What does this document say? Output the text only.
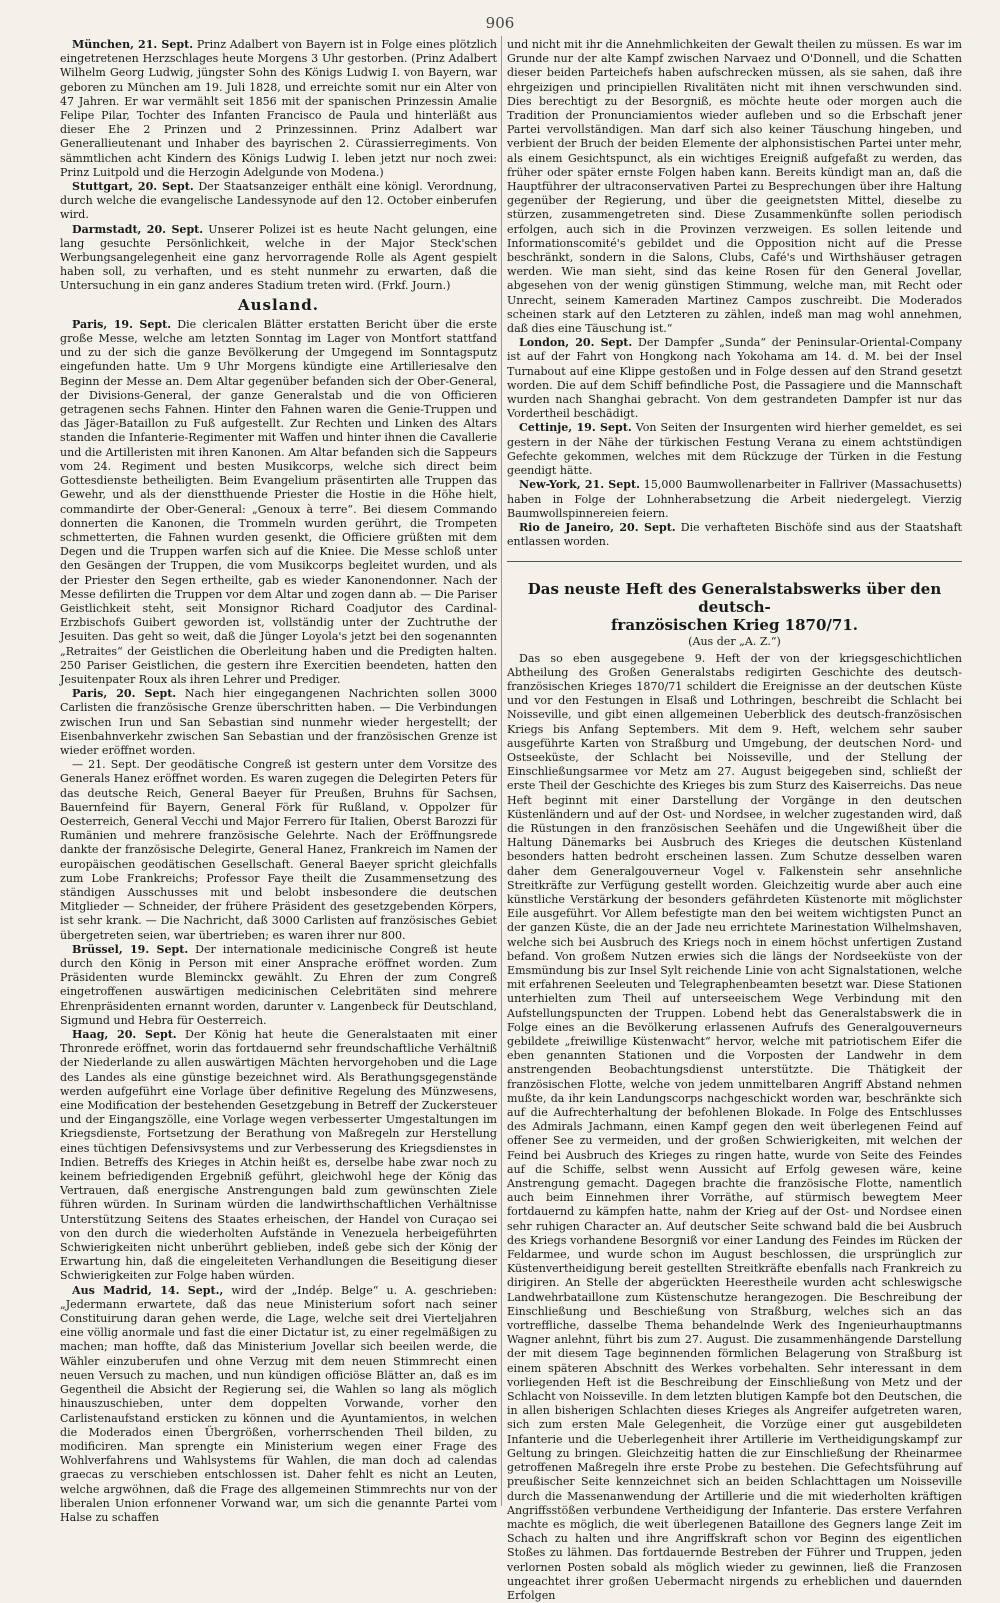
906

München, 21. Sept. Prinz Adalbert von Bayern ist in Folge eines plötzlich eingetretenen Herzschlages heute Morgens 3 Uhr gestorben. (Prinz Adalbert Wilhelm Georg Ludwig, jüngster Sohn des Königs Ludwig I. von Bayern, war geboren zu München am 19. Juli 1828, und erreichte somit nur ein Alter von 47 Jahren. Er war vermählt seit 1856 mit der spanischen Prinzessin Amalie Felipe Pilar, Tochter des Infanten Francisco de Paula und hinterläßt aus dieser Ehe 2 Prinzen und 2 Prinzessinnen. Prinz Adalbert war Generallieutenant und Inhaber des bayrischen 2. Cürassierregiments. Von sämmtlichen acht Kindern des Königs Ludwig I. leben jetzt nur noch zwei: Prinz Luitpold und die Herzogin Adelgunde von Modena.)

Stuttgart, 20. Sept. Der Staatsanzeiger enthält eine königl. Verordnung, durch welche die evangelische Landessynode auf den 12. October einberufen wird.

Darmstadt, 20. Sept. Unserer Polizei ist es heute Nacht gelungen, eine lang gesuchte Persönlichkeit, welche in der Major Steck'schen Werbungsangelegenheit eine ganz hervorragende Rolle als Agent gespielt haben soll, zu verhaften, und es steht nunmehr zu erwarten, daß die Untersuchung in ein ganz anderes Stadium treten wird. (Frkf. Journ.)

Ausland.

Paris, 19. Sept. Die clericalen Blätter erstatten Bericht über die erste große Messe, welche am letzten Sonntag im Lager von Montfort stattfand und zu der sich die ganze Bevölkerung der Umgegend im Sonntagsputz eingefunden hatte. Um 9 Uhr Morgens kündigte eine Artilleriesalve den Beginn der Messe an. Dem Altar gegenüber befanden sich der Ober-General, der Divisions-General, der ganze Generalstab und die von Officieren getragenen sechs Fahnen. Hinter den Fahnen waren die Genie-Truppen und das Jäger-Bataillon zu Fuß aufgestellt. Zur Rechten und Linken des Altars standen die Infanterie-Regimenter mit Waffen und hinter ihnen die Cavallerie und die Artilleristen mit ihren Kanonen. Am Altar befanden sich die Sappeurs vom 24. Regiment und besten Musikcorps, welche sich direct beim Gottesdienste betheiligten. Beim Evangelium präsentirten alle Truppen das Gewehr, und als der dienstthuende Priester die Hostie in die Höhe hielt, commandirte der Ober-General: „Genoux à terre“. Bei diesem Commando donnerten die Kanonen, die Trommeln wurden gerührt, die Trompeten schmetterten, die Fahnen wurden gesenkt, die Officiere grüßten mit dem Degen und die Truppen warfen sich auf die Kniee. Die Messe schloß unter den Gesängen der Truppen, die vom Musikcorps begleitet wurden, und als der Priester den Segen ertheilte, gab es wieder Kanonendonner. Nach der Messe defilirten die Truppen vor dem Altar und zogen dann ab. — Die Pariser Geistlichkeit steht, seit Monsignor Richard Coadjutor des Cardinal-Erzbischofs Guibert geworden ist, vollständig unter der Zuchtruthe der Jesuiten. Das geht so weit, daß die Jünger Loyola's jetzt bei den sogenannten „Retraites“ der Geistlichen die Oberleitung haben und die Predigten halten. 250 Pariser Geistlichen, die gestern ihre Exercitien beendeten, hatten den Jesuitenpater Roux als ihren Lehrer und Prediger.

Paris, 20. Sept. Nach hier eingegangenen Nachrichten sollen 3000 Carlisten die französische Grenze überschritten haben. — Die Verbindungen zwischen Irun und San Sebastian sind nunmehr wieder hergestellt; der Eisenbahnverkehr zwischen San Sebastian und der französischen Grenze ist wieder eröffnet worden.

— 21. Sept. Der geodätische Congreß ist gestern unter dem Vorsitze des Generals Hanez eröffnet worden. Es waren zugegen die Delegirten Peters für das deutsche Reich, General Baeyer für Preußen, Bruhns für Sachsen, Bauernfeind für Bayern, General Förk für Rußland, v. Oppolzer für Oesterreich, General Vecchi und Major Ferrero für Italien, Oberst Barozzi für Rumänien und mehrere französische Gelehrte. Nach der Eröffnungsrede dankte der französische Delegirte, General Hanez, Frankreich im Namen der europäischen geodätischen Gesellschaft. General Baeyer spricht gleichfalls zum Lobe Frankreichs; Professor Faye theilt die Zusammensetzung des ständigen Ausschusses mit und belobt insbesondere die deutschen Mitglieder — Schneider, der frühere Präsident des gesetzgebenden Körpers, ist sehr krank. — Die Nachricht, daß 3000 Carlisten auf französisches Gebiet übergetreten seien, war übertrieben; es waren ihrer nur 800.

Brüssel, 19. Sept. Der internationale medicinische Congreß ist heute durch den König in Person mit einer Ansprache eröffnet worden. Zum Präsidenten wurde Bleminckx gewählt. Zu Ehren der zum Congreß eingetroffenen auswärtigen medicinischen Celebritäten sind mehrere Ehrenpräsidenten ernannt worden, darunter v. Langenbeck für Deutschland, Sigmund und Hebra für Oesterreich.

Haag, 20. Sept. Der König hat heute die Generalstaaten mit einer Thronrede eröffnet, worin das fortdauernd sehr freundschaftliche Verhältniß der Niederlande zu allen auswärtigen Mächten hervorgehoben und die Lage des Landes als eine günstige bezeichnet wird. Als Berathungsgegenstände werden aufgeführt eine Vorlage über definitive Regelung des Münzwesens, eine Modification der bestehenden Gesetzgebung in Betreff der Zuckersteuer und der Eingangszölle, eine Vorlage wegen verbesserter Umgestaltungen im Kriegsdienste, Fortsetzung der Berathung von Maßregeln zur Herstellung eines tüchtigen Defensivsystems und zur Verbesserung des Kriegsdienstes in Indien. Betreffs des Krieges in Atchin heißt es, derselbe habe zwar noch zu keinem befriedigenden Ergebniß geführt, gleichwohl hege der König das Vertrauen, daß energische Anstrengungen bald zum gewünschten Ziele führen würden. In Surinam würden die landwirthschaftlichen Verhältnisse Unterstützung Seitens des Staates erheischen, der Handel von Curaçao sei von den durch die wiederholten Aufstände in Venezuela herbeigeführten Schwierigkeiten nicht unberührt geblieben, indeß gebe sich der König der Erwartung hin, daß die eingeleiteten Verhandlungen die Beseitigung dieser Schwierigkeiten zur Folge haben würden.

Aus Madrid, 14. Sept., wird der „Indép. Belge“ u. A. geschrieben: „Jedermann erwartete, daß das neue Ministerium sofort nach seiner Constituirung daran gehen werde, die Lage, welche seit drei Vierteljahren eine völlig anormale und fast die einer Dictatur ist, zu einer regelmäßigen zu machen; man hoffte, daß das Ministerium Jovellar sich beeilen werde, die Wähler einzuberufen und ohne Verzug mit dem neuen Stimmrecht einen neuen Versuch zu machen, und nun kündigen officiöse Blätter an, daß es im Gegentheil die Absicht der Regierung sei, die Wahlen so lang als möglich hinauszuschieben, unter dem doppelten Vorwande, vorher den Carlistenaufstand ersticken zu können und die Ayuntamientos, in welchen die Moderados einen Übergrößen, vorherrschenden Theil bilden, zu modificiren. Man sprengte ein Ministerium wegen einer Frage des Wohlverfahrens und Wahlsystems für Wahlen, die man doch ad calendas graecas zu verschieben entschlossen ist. Daher fehlt es nicht an Leuten, welche argwöhnen, daß die Frage des allgemeinen Stimmrechts nur von der liberalen Union erfonnener Vorwand war, um sich die genannte Partei vom Halse zu schaffen

und nicht mit ihr die Annehmlichkeiten der Gewalt theilen zu müssen. Es war im Grunde nur der alte Kampf zwischen Narvaez und O'Donnell, und die Schatten dieser beiden Parteichefs haben aufschrecken müssen, als sie sahen, daß ihre ehrgeizigen und principiellen Rivalitäten nicht mit ihnen verschwunden sind. Dies berechtigt zu der Besorgniß, es möchte heute oder morgen auch die Tradition der Pronunciamientos wieder aufleben und so die Erbschaft jener Partei vervollständigen. Man darf sich also keiner Täuschung hingeben, und verbient der Bruch der beiden Elemente der alphonsistischen Partei unter mehr, als einem Gesichtspunct, als ein wichtiges Ereigniß aufgefaßt zu werden, das früher oder später ernste Folgen haben kann. Bereits kündigt man an, daß die Hauptführer der ultraconservativen Partei zu Besprechungen über ihre Haltung gegenüber der Regierung, und über die geeignetsten Mittel, dieselbe zu stürzen, zusammengetreten sind. Diese Zusammenkünfte sollen periodisch erfolgen, auch sich in die Provinzen verzweigen. Es sollen leitende und Informationscomité's gebildet und die Opposition nicht auf die Presse beschränkt, sondern in die Salons, Clubs, Café's und Wirthshäuser getragen werden. Wie man sieht, sind das keine Rosen für den General Jovellar, abgesehen von der wenig günstigen Stimmung, welche man, mit Recht oder Unrecht, seinem Kameraden Martinez Campos zuschreibt. Die Moderados scheinen stark auf den Letzteren zu zählen, indeß man mag wohl annehmen, daß dies eine Täuschung ist.“

London, 20. Sept. Der Dampfer „Sunda“ der Peninsular-Oriental-Company ist auf der Fahrt von Hongkong nach Yokohama am 14. d. M. bei der Insel Turnabout auf eine Klippe gestoßen und in Folge dessen auf den Strand gesetzt worden. Die auf dem Schiff befindliche Post, die Passagiere und die Mannschaft wurden nach Shanghai gebracht. Von dem gestrandeten Dampfer ist nur das Vordertheil beschädigt.

Cettinje, 19. Sept. Von Seiten der Insurgenten wird hierher gemeldet, es sei gestern in der Nähe der türkischen Festung Verana zu einem achtstündigen Gefechte gekommen, welches mit dem Rückzuge der Türken in die Festung geendigt hätte.

New-York, 21. Sept. 15,000 Baumwollenarbeiter in Fallriver (Massachusetts) haben in Folge der Lohnherabsetzung die Arbeit niedergelegt. Vierzig Baumwollspinnereien feiern.

Rio de Janeiro, 20. Sept. Die verhafteten Bischöfe sind aus der Staatshaft entlassen worden.

Das neuste Heft des Generalstabswerks über den deutsch-
französischen Krieg 1870/71.
(Aus der „A. Z.“)

Das so eben ausgegebene 9. Heft der von der kriegsgeschichtlichen Abtheilung des Großen Generalstabs redigirten Geschichte des deutsch-französischen Krieges 1870/71 schildert die Ereignisse an der deutschen Küste und vor den Festungen in Elsaß und Lothringen, beschreibt die Schlacht bei Noisseville, und gibt einen allgemeinen Ueberblick des deutsch-französischen Kriegs bis Anfang Septembers. Mit dem 9. Heft, welchem sehr sauber ausgeführte Karten von Straßburg und Umgebung, der deutschen Nord- und Ostseeküste, der Schlacht bei Noisseville, und der Stellung der Einschließungsarmee vor Metz am 27. August beigegeben sind, schließt der erste Theil der Geschichte des Krieges bis zum Sturz des Kaiserreichs. Das neue Heft beginnt mit einer Darstellung der Vorgänge in den deutschen Küstenländern und auf der Ost- und Nordsee, in welcher zugestanden wird, daß die Rüstungen in den französischen Seehäfen und die Ungewißheit über die Haltung Dänemarks bei Ausbruch des Krieges die deutschen Küstenland besonders hatten bedroht erscheinen lassen. Zum Schutze desselben waren daher dem Generalgouverneur Vogel v. Falkenstein sehr ansehnliche Streitkräfte zur Verfügung gestellt worden. Gleichzeitig wurde aber auch eine künstliche Verstärkung der besonders gefährdeten Küstenorte mit möglichster Eile ausgeführt. Vor Allem befestigte man den bei weitem wichtigsten Punct an der ganzen Küste, die an der Jade neu errichtete Marinestation Wilhelmshaven, welche sich bei Ausbruch des Kriegs noch in einem höchst unfertigen Zustand befand. Von großem Nutzen erwies sich die längs der Nordseeküste von der Emsmündung bis zur Insel Sylt reichende Linie von acht Signalstationen, welche mit erfahrenen Seeleuten und Telegraphenbeamten besetzt war. Diese Stationen unterhielten zum Theil auf unterseeischem Wege Verbindung mit den Aufstellungspuncten der Truppen. Lobend hebt das Generalstabswerk die in Folge eines an die Bevölkerung erlassenen Aufrufs des Generalgouverneurs gebildete „freiwillige Küstenwacht“ hervor, welche mit patriotischem Eifer die eben genannten Stationen und die Vorposten der Landwehr in dem anstrengenden Beobachtungsdienst unterstützte. Die Thätigkeit der französischen Flotte, welche von jedem unmittelbaren Angriff Abstand nehmen mußte, da ihr kein Landungscorps nachgeschickt worden war, beschränkte sich auf die Aufrechterhaltung der befohlenen Blokade. In Folge des Entschlusses des Admirals Jachmann, einen Kampf gegen den weit überlegenen Feind auf offener See zu vermeiden, und der großen Schwierigkeiten, mit welchen der Feind bei Ausbruch des Krieges zu ringen hatte, wurde von Seite des Feindes auf die Schiffe, selbst wenn Aussicht auf Erfolg gewesen wäre, keine Anstrengung gemacht. Dagegen brachte die französische Flotte, namentlich auch beim Einnehmen ihrer Vorräthe, auf stürmisch bewegtem Meer fortdauernd zu kämpfen hatte, nahm der Krieg auf der Ost- und Nordsee einen sehr ruhigen Character an. Auf deutscher Seite schwand bald die bei Ausbruch des Kriegs vorhandene Besorgniß vor einer Landung des Feindes im Rücken der Feldarmee, und wurde schon im August beschlossen, die ursprünglich zur Küstenvertheidigung bereit gestellten Streitkräfte ebenfalls nach Frankreich zu dirigiren. An Stelle der abgerückten Heerestheile wurden acht schleswigsche Landwehrbataillone zum Küstenschutze herangezogen. Die Beschreibung der Einschließung und Beschießung von Straßburg, welches sich an das vortreffliche, dasselbe Thema behandelnde Werk des Ingenieurhauptmanns Wagner anlehnt, führt bis zum 27. August. Die zusammenhängende Darstellung der mit diesem Tage beginnenden förmlichen Belagerung von Straßburg ist einem späteren Abschnitt des Werkes vorbehalten. Sehr interessant in dem vorliegenden Heft ist die Beschreibung der Einschließung von Metz und der Schlacht von Noisseville. In dem letzten blutigen Kampfe bot den Deutschen, die in allen bisherigen Schlachten dieses Krieges als Angreifer aufgetreten waren, sich zum ersten Male Gelegenheit, die Vorzüge einer gut ausgebildeten Infanterie und die Ueberlegenheit ihrer Artillerie im Vertheidigungskampf zur Geltung zu bringen. Gleichzeitig hatten die zur Einschließung der Rheinarmee getroffenen Maßregeln ihre erste Probe zu bestehen. Die Gefechtsführung auf preußischer Seite kennzeichnet sich an beiden Schlachttagen um Noisseville durch die Massenanwendung der Artillerie und die mit wiederholten kräftigen Angriffsstößen verbundene Vertheidigung der Infanterie. Das erstere Verfahren machte es möglich, die weit überlegenen Bataillone des Gegners lange Zeit im Schach zu halten und ihre Angriffskraft schon vor Beginn des eigentlichen Stoßes zu lähmen. Das fortdauernde Bestreben der Führer und Truppen, jeden verlornen Posten sobald als möglich wieder zu gewinnen, ließ die Franzosen ungeachtet ihrer großen Uebermacht nirgends zu erheblichen und dauernden Erfolgen
